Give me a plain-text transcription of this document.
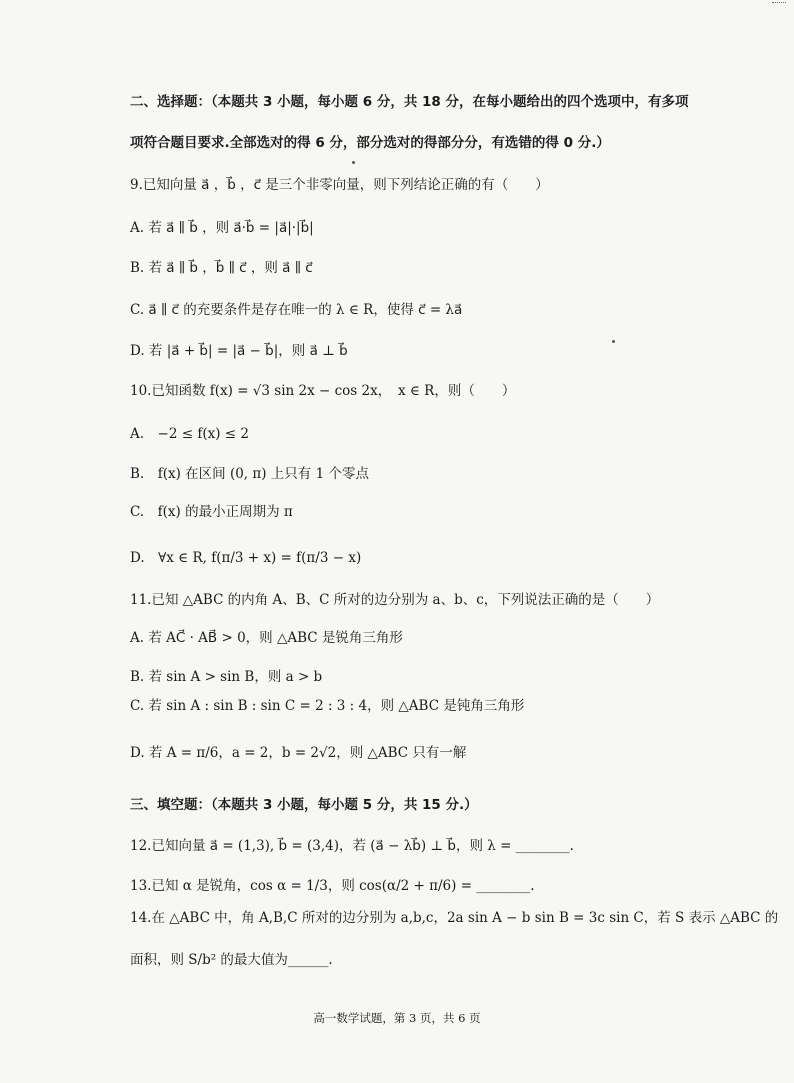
二、选择题：（本题共 3 小题，每小题 6 分，共 18 分，在每小题给出的四个选项中，有多项
项符合题目要求.全部选对的得 6 分，部分选对的得部分分，有选错的得 0 分.）
9.已知向量 a⃗ ，b⃗ ，c⃗ 是三个非零向量，则下列结论正确的有（　　）
A. 若 a⃗ ∥ b⃗ ，则 a⃗·b⃗ = |a⃗|·|b⃗|
B. 若 a⃗ ∥ b⃗ ，b⃗ ∥ c⃗ ，则 a⃗ ∥ c⃗
C. a⃗ ∥ c⃗ 的充要条件是存在唯一的 λ ∈ R，使得 c⃗ = λa⃗
D. 若 |a⃗ + b⃗| = |a⃗ − b⃗|，则 a⃗ ⊥ b⃗
10.已知函数 f(x) = √3 sin 2x − cos 2x，　x ∈ R，则（　　）
A.　−2 ≤ f(x) ≤ 2
B.　f(x) 在区间 (0, π) 上只有 1 个零点
C.　f(x) 的最小正周期为 π
D.　∀x ∈ R, f(π/3 + x) = f(π/3 − x)
11.已知 △ABC 的内角 A、B、C 所对的边分别为 a、b、c，下列说法正确的是（　　）
A. 若 AC⃗ · AB⃗ > 0，则 △ABC 是锐角三角形
B. 若 sin A > sin B，则 a > b
C. 若 sin A : sin B : sin C = 2 : 3 : 4，则 △ABC 是钝角三角形
D. 若 A = π/6，a = 2，b = 2√2，则 △ABC 只有一解
三、填空题：（本题共 3 小题，每小题 5 分，共 15 分.）
12.已知向量 a⃗ = (1,3), b⃗ = (3,4)，若 (a⃗ − λb⃗) ⊥ b⃗，则 λ = ________.
13.已知 α 是锐角，cos α = 1/3，则 cos(α/2 + π/6) = ________.
14.在 △ABC 中，角 A,B,C 所对的边分别为 a,b,c，2a sin A − b sin B = 3c sin C，若 S 表示 △ABC 的
面积，则 S/b² 的最大值为______.
高一数学试题，第 3 页，共 6 页
